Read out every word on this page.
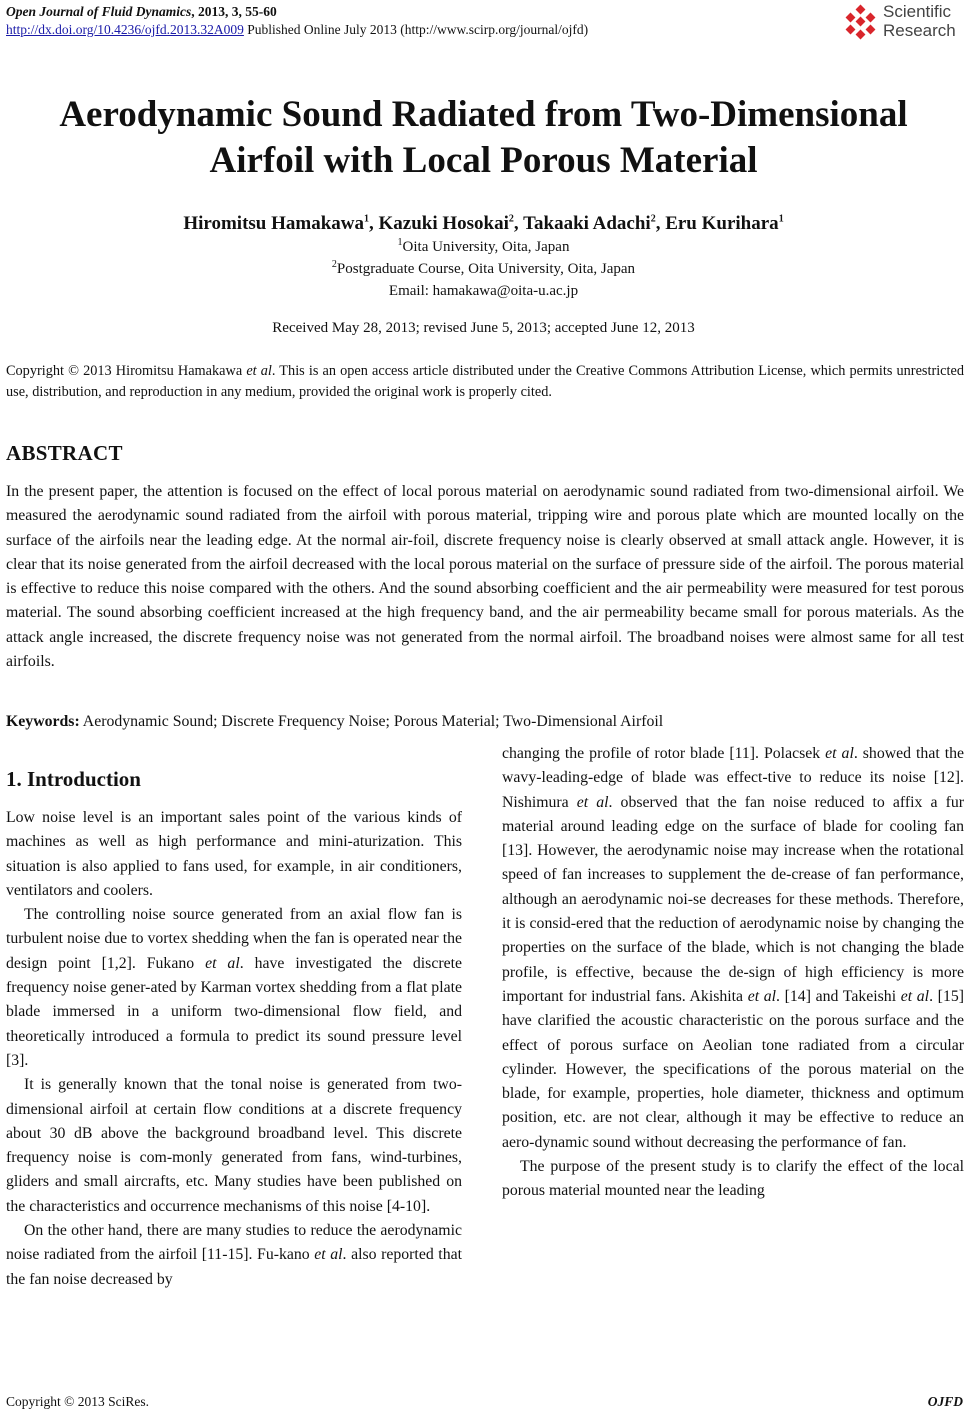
Open Journal of Fluid Dynamics, 2013, 3, 55-60
http://dx.doi.org/10.4236/ojfd.2013.32A009 Published Online July 2013 (http://www.scirp.org/journal/ojfd)
Scientific
Research
Aerodynamic Sound Radiated from Two-Dimensional
Airfoil with Local Porous Material
Hiromitsu Hamakawa$^1$, Kazuki Hosokai$^2$, Takaaki Adachi$^2$, Eru Kurihara$^1$
$^1$Oita University, Oita, Japan
$^2$Postgraduate Course, Oita University, Oita, Japan
Email: hamakawa@oita-u.ac.jp
Received May 28, 2013; revised June 5, 2013; accepted June 12, 2013
Copyright © 2013 Hiromitsu Hamakawa et al. This is an open access article distributed under the Creative Commons Attribution License, which permits unrestricted use, distribution, and reproduction in any medium, provided the original work is properly cited.
ABSTRACT
In the present paper, the attention is focused on the effect of local porous material on aerodynamic sound radiated from two-dimensional airfoil. We measured the aerodynamic sound radiated from the airfoil with porous material, tripping wire and porous plate which are mounted locally on the surface of the airfoils near the leading edge. At the normal air-foil, discrete frequency noise is clearly observed at small attack angle. However, it is clear that its noise generated from the airfoil decreased with the local porous material on the surface of pressure side of the airfoil. The porous material is effective to reduce this noise compared with the others. And the sound absorbing coefficient and the air permeability were measured for test porous material. The sound absorbing coefficient increased at the high frequency band, and the air permeability became small for porous materials. As the attack angle increased, the discrete frequency noise was not generated from the normal airfoil. The broadband noises were almost same for all test airfoils.
Keywords: Aerodynamic Sound; Discrete Frequency Noise; Porous Material; Two-Dimensional Airfoil
1. Introduction

Low noise level is an important sales point of the various kinds of machines as well as high performance and mini-aturization. This situation is also applied to fans used, for example, in air conditioners, ventilators and coolers.

The controlling noise source generated from an axial flow fan is turbulent noise due to vortex shedding when the fan is operated near the design point [1,2]. Fukano et al. have investigated the discrete frequency noise gener-ated by Karman vortex shedding from a flat plate blade immersed in a uniform two-dimensional flow field, and theoretically introduced a formula to predict its sound pressure level [3].

It is generally known that the tonal noise is generated from two-dimensional airfoil at certain flow conditions at a discrete frequency about 30 dB above the background broadband level. This discrete frequency noise is com-monly generated from fans, wind-turbines, gliders and small aircrafts, etc. Many studies have been published on the characteristics and occurrence mechanisms of this noise [4-10].

On the other hand, there are many studies to reduce the aerodynamic noise radiated from the airfoil [11-15]. Fu-kano et al. also reported that the fan noise decreased by

changing the profile of rotor blade [11]. Polacsek et al. showed that the wavy-leading-edge of blade was effect-tive to reduce its noise [12]. Nishimura et al. observed that the fan noise reduced to affix a fur material around leading edge on the surface of blade for cooling fan [13]. However, the aerodynamic noise may increase when the rotational speed of fan increases to supplement the de-crease of fan performance, although an aerodynamic noi-se decreases for these methods. Therefore, it is consid-ered that the reduction of aerodynamic noise by changing the properties on the surface of the blade, which is not changing the blade profile, is effective, because the de-sign of high efficiency is more important for industrial fans. Akishita et al. [14] and Takeishi et al. [15] have clarified the acoustic characteristic on the porous surface and the effect of porous surface on Aeolian tone radiated from a circular cylinder. However, the specifications of the porous material on the blade, for example, properties, hole diameter, thickness and optimum position, etc. are not clear, although it may be effective to reduce an aero-dynamic sound without decreasing the performance of fan.

The purpose of the present study is to clarify the effect of the local porous material mounted near the leading

Copyright © 2013 SciRes.	OJFD
